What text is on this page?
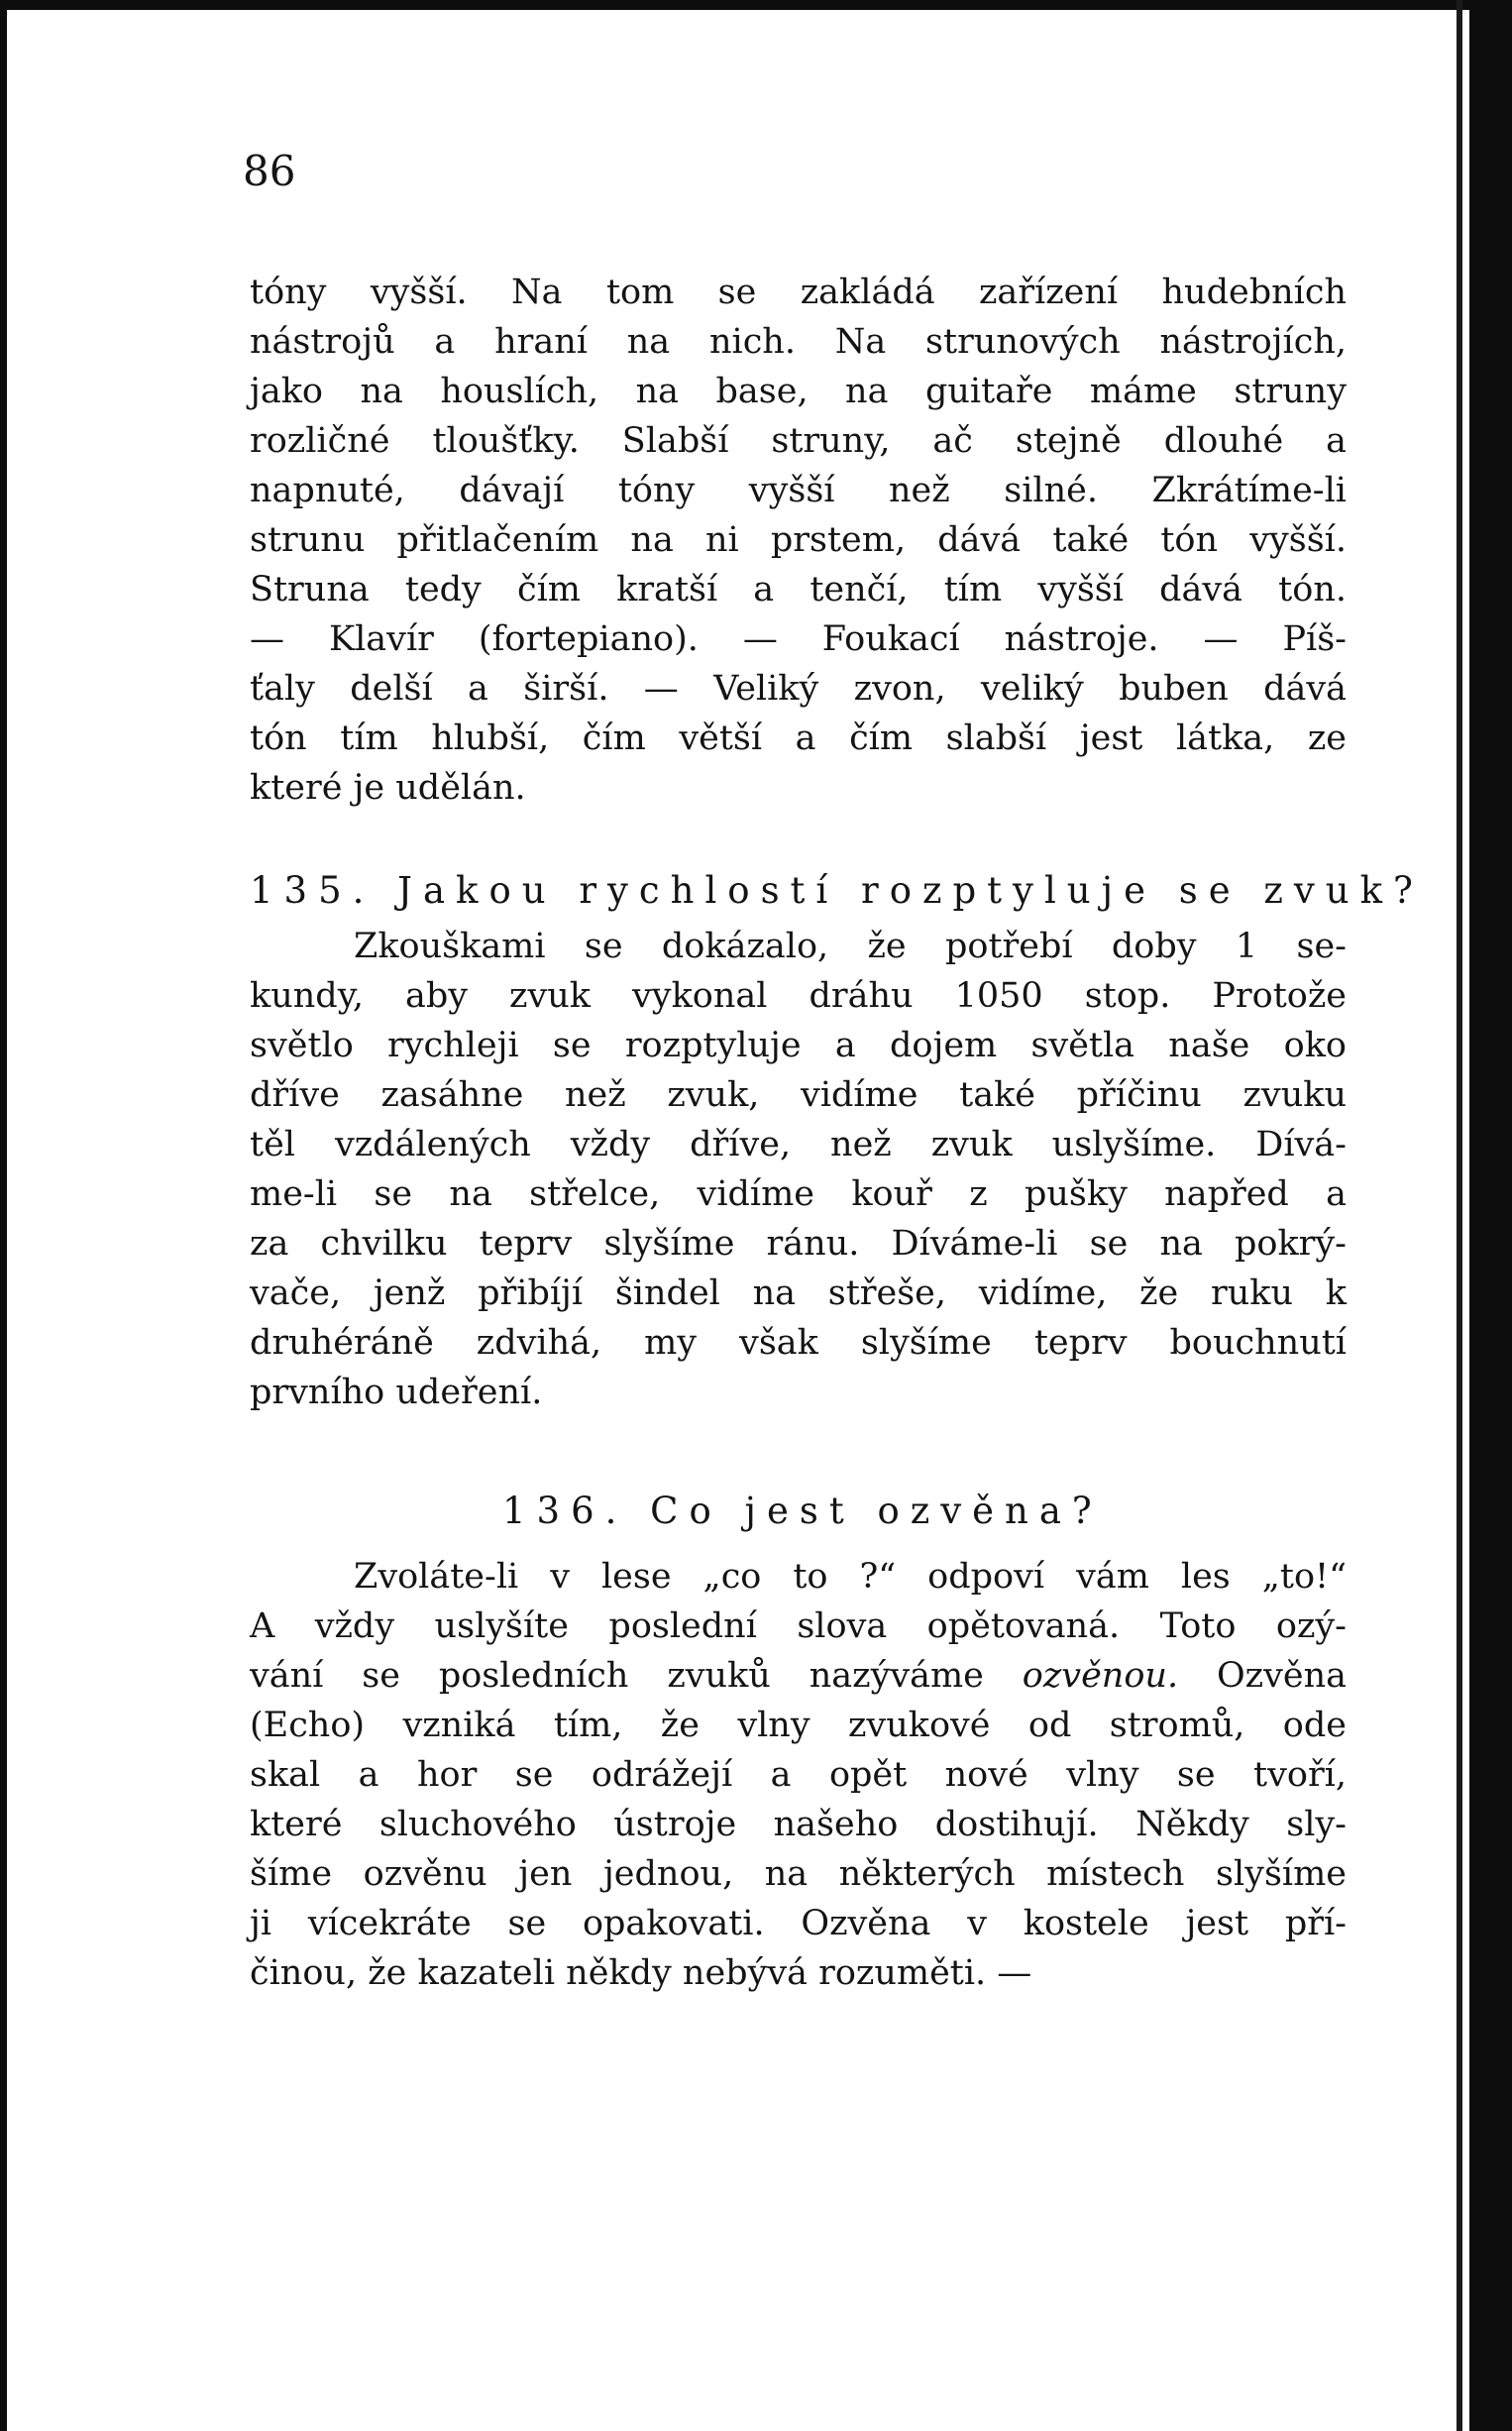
86
tóny vyšší. Na tom se zakládá zařízení hudebních
nástrojů a hraní na nich. Na strunových nástrojích,
jako na houslích, na base, na guitaře máme struny
rozličné tloušťky. Slabší struny, ač stejně dlouhé a
napnuté, dávají tóny vyšší než silné. Zkrátíme-li
strunu přitlačením na ni prstem, dává také tón vyšší.
Struna tedy čím kratší a tenčí, tím vyšší dává tón.
— Klavír (fortepiano). — Foukací nástroje. — Píš-
ťaly delší a širší. — Veliký zvon, veliký buben dává
tón tím hlubší, čím větší a čím slabší jest látka, ze
které je udělán.
135. Jakou rychlostí rozptyluje se zvuk?
Zkouškami se dokázalo, že potřebí doby 1 se-
kundy, aby zvuk vykonal dráhu 1050 stop. Protože
světlo rychleji se rozptyluje a dojem světla naše oko
dříve zasáhne než zvuk, vidíme také příčinu zvuku
těl vzdálených vždy dříve, než zvuk uslyšíme. Dívá-
me-li se na střelce, vidíme kouř z pušky napřed a
za chvilku teprv slyšíme ránu. Díváme-li se na pokrý-
vače, jenž přibíjí šindel na střeše, vidíme, že ruku k
druhéráně zdvihá, my však slyšíme teprv bouchnutí
prvního udeření.
136. Co jest ozvěna?
Zvoláte-li v lese „co to ?“ odpoví vám les „to!“
A vždy uslyšíte poslední slova opětovaná. Toto ozý-
vání se posledních zvuků nazýváme ozvěnou. Ozvěna
(Echo) vzniká tím, že vlny zvukové od stromů, ode
skal a hor se odrážejí a opět nové vlny se tvoří,
které sluchového ústroje našeho dostihují. Někdy sly-
šíme ozvěnu jen jednou, na některých místech slyšíme
ji vícekráte se opakovati. Ozvěna v kostele jest pří-
činou, že kazateli někdy nebývá rozuměti. —
